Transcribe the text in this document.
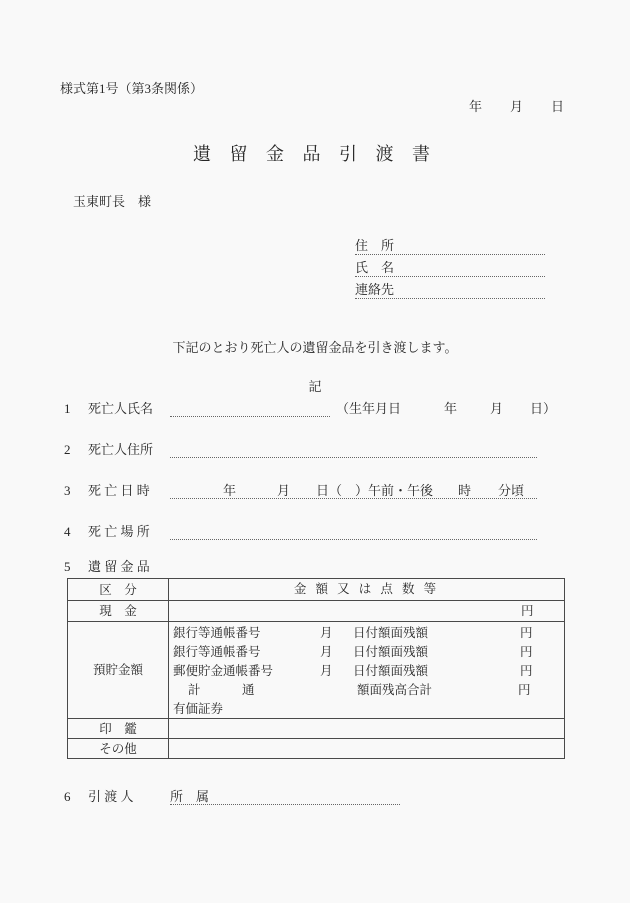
様式第1号（第3条関係）
年 月 日
遺 留 金 品 引 渡 書
玉東町長　様
住　所
氏　名
連絡先
下記のとおり死亡人の遺留金品を引き渡します。
記
1 死亡人氏名	（生年月日	年	月 日）
2 死亡人住所
3 死 亡 日 時	年	月 日（　） 午前・午後 時 分頃
4 死 亡 場 所
5 遺 留 金 品
区　分	金 額 又 は 点 数 等
現　金	円
預貯金額
銀行等通帳番号	月 日付額面残額	円
銀行等通帳番号	月 日付額面残額	円
郵便貯金通帳番号	月 日付額面残額	円
計	通	額面残高合計	円
有価証券
印　鑑
その他
6 引 渡 人	所　属
